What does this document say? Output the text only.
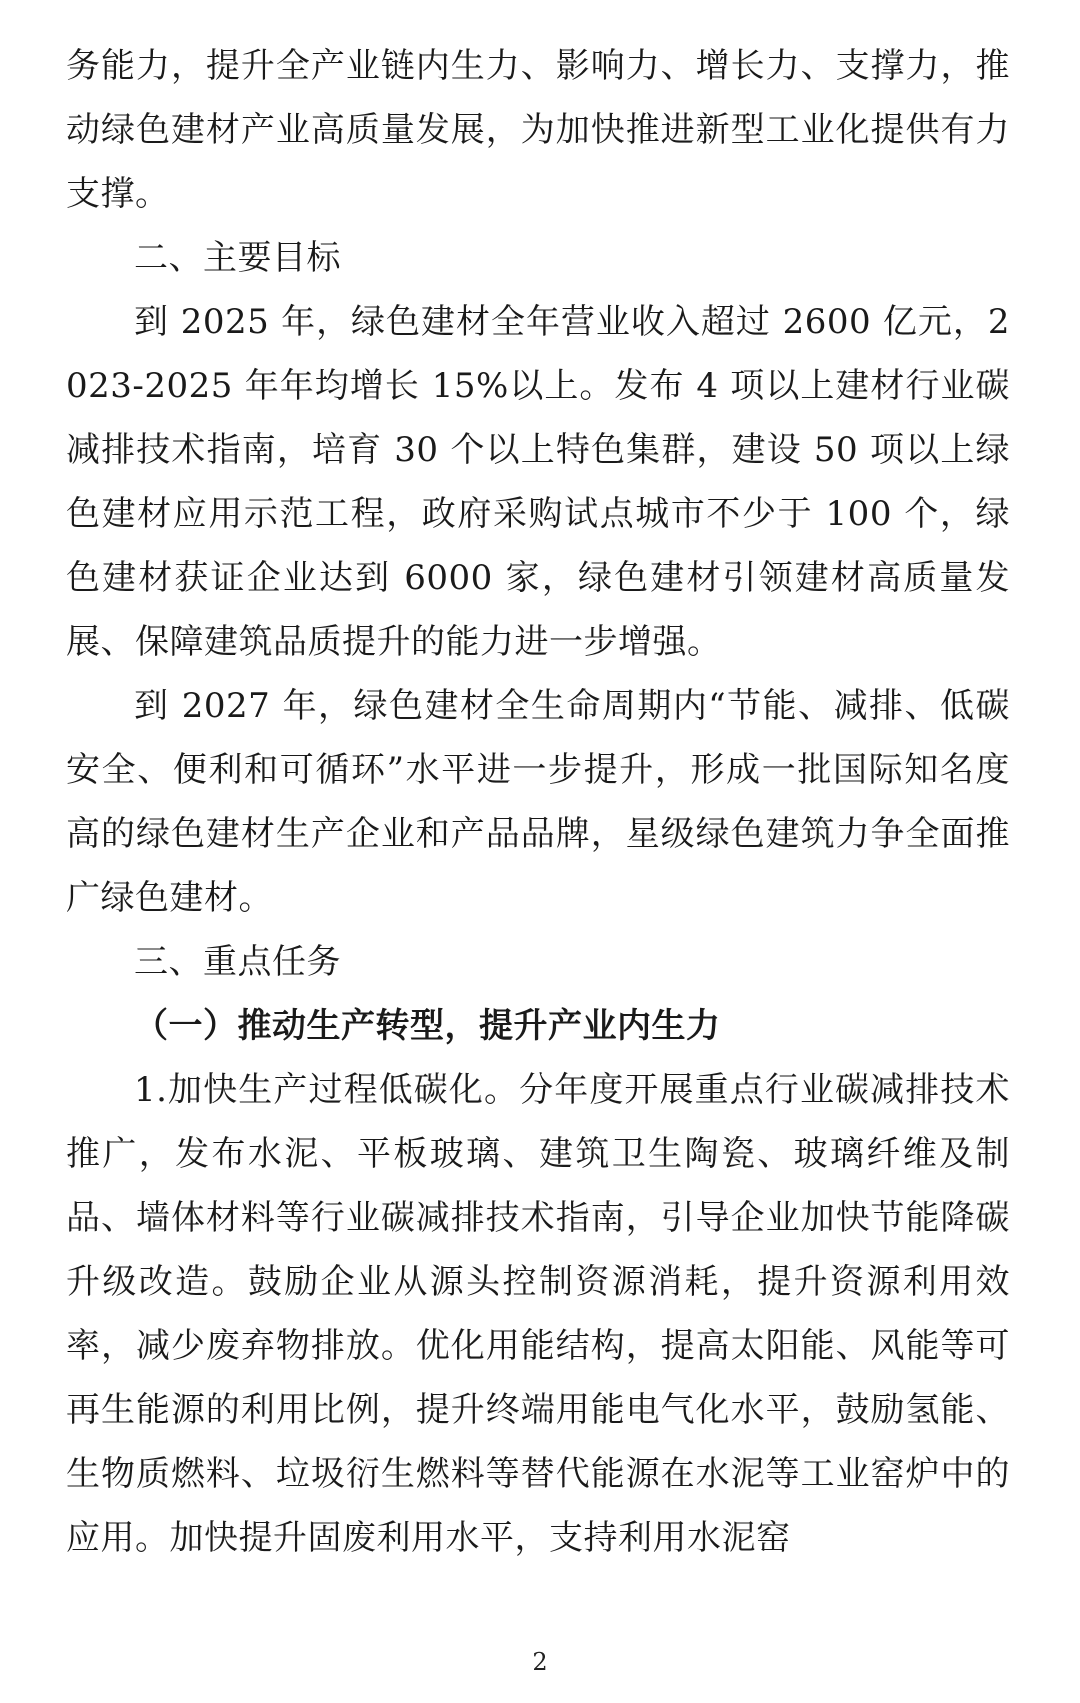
务能力，提升全产业链内生力、影响力、增长力、支撑力，推动绿色建材产业高质量发展，为加快推进新型工业化提供有力支撑。

二、主要目标

到 2025 年，绿色建材全年营业收入超过 2600 亿元，2023-2025 年年均增长 15%以上。发布 4 项以上建材行业碳减排技术指南，培育 30 个以上特色集群，建设 50 项以上绿色建材应用示范工程，政府采购试点城市不少于 100 个，绿色建材获证企业达到 6000 家，绿色建材引领建材高质量发展、保障建筑品质提升的能力进一步增强。

到 2027 年，绿色建材全生命周期内“节能、减排、低碳安全、便利和可循环”水平进一步提升，形成一批国际知名度高的绿色建材生产企业和产品品牌，星级绿色建筑力争全面推广绿色建材。

三、重点任务
（一）推动生产转型，提升产业内生力

1.加快生产过程低碳化。分年度开展重点行业碳减排技术推广，发布水泥、平板玻璃、建筑卫生陶瓷、玻璃纤维及制品、墙体材料等行业碳减排技术指南，引导企业加快节能降碳升级改造。鼓励企业从源头控制资源消耗，提升资源利用效率，减少废弃物排放。优化用能结构，提高太阳能、风能等可再生能源的利用比例，提升终端用能电气化水平，鼓励氢能、生物质燃料、垃圾衍生燃料等替代能源在水泥等工业窑炉中的应用。加快提升固废利用水平，支持利用水泥窑

2
